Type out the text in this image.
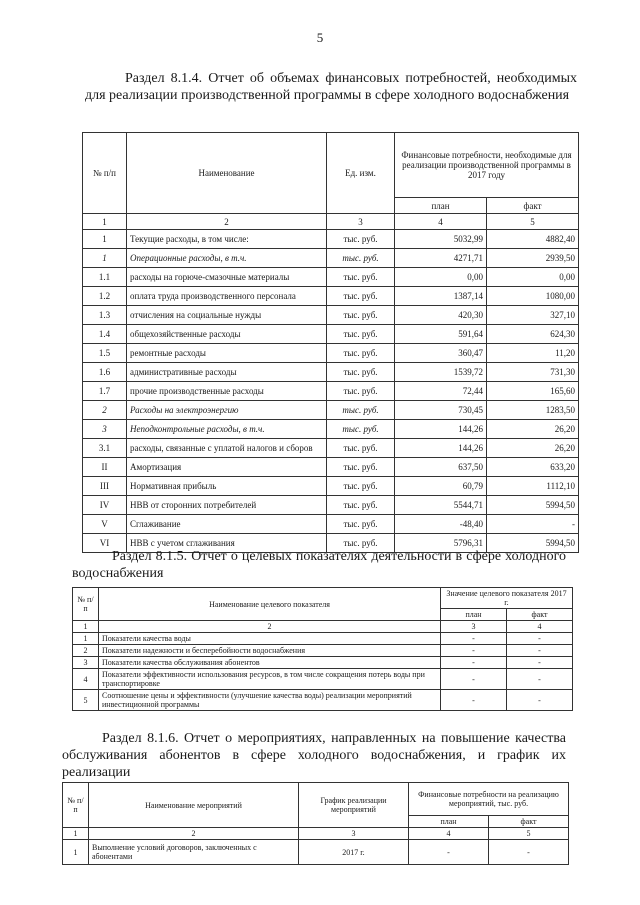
5
Раздел 8.1.4. Отчет об объемах финансовых потребностей, необходимых для реализации производственной программы в сфере холодного водоснабжения
№ п/п	Наименование	Ед. изм.	Финансовые потребности, необходимые для реализации производственной программы в 2017 году	
			план	факт
1	2	3	4	5
1	Текущие расходы, в том числе:	тыс. руб.	5032,99	4882,40
1	Операционные расходы, в т.ч.	тыс. руб.	4271,71	2939,50
1.1	расходы на горюче-смазочные материалы	тыс. руб.	0,00	0,00
1.2	оплата труда производственного персонала	тыс. руб.	1387,14	1080,00
1.3	отчисления на социальные нужды	тыс. руб.	420,30	327,10
1.4	общехозяйственные расходы	тыс. руб.	591,64	624,30
1.5	ремонтные расходы	тыс. руб.	360,47	11,20
1.6	административные расходы	тыс. руб.	1539,72	731,30
1.7	прочие производственные расходы	тыс. руб.	72,44	165,60
2	Расходы на электроэнергию	тыс. руб.	730,45	1283,50
3	Неподконтрольные расходы, в т.ч.	тыс. руб.	144,26	26,20
3.1	расходы, связанные с уплатой налогов и сборов	тыс. руб.	144,26	26,20
II	Амортизация	тыс. руб.	637,50	633,20
III	Нормативная прибыль	тыс. руб.	60,79	1112,10
IV	НВВ от сторонних потребителей	тыс. руб.	5544,71	5994,50
V	Сглаживание	тыс. руб.	-48,40	-
VI	НВВ с учетом сглаживания	тыс. руб.	5796,31	5994,50
Раздел 8.1.5. Отчет о целевых показателях деятельности в сфере холодного водоснабжения
№ п/п	Наименование целевого показателя	Значение целевого показателя 2017 г.	
		план	факт
1	2	3	4
1	Показатели качества воды	-	-
2	Показатели надежности и бесперебойности водоснабжения	-	-
3	Показатели качества обслуживания абонентов	-	-
4	Показатели эффективности использования ресурсов, в том числе сокращения потерь воды при транспортировке	-	-
5	Соотношение цены и эффективности (улучшение качества воды) реализации мероприятий инвестиционной программы	-	-
Раздел 8.1.6. Отчет о мероприятиях, направленных на повышение качества обслуживания абонентов в сфере холодного водоснабжения, и график их реализации
№ п/п	Наименование мероприятий	График реализации мероприятий	Финансовые потребности на реализацию мероприятий, тыс. руб.	
			план	факт
1	2	3	4	5
1	Выполнение условий договоров, заключенных с абонентами	2017 г.	-	-
